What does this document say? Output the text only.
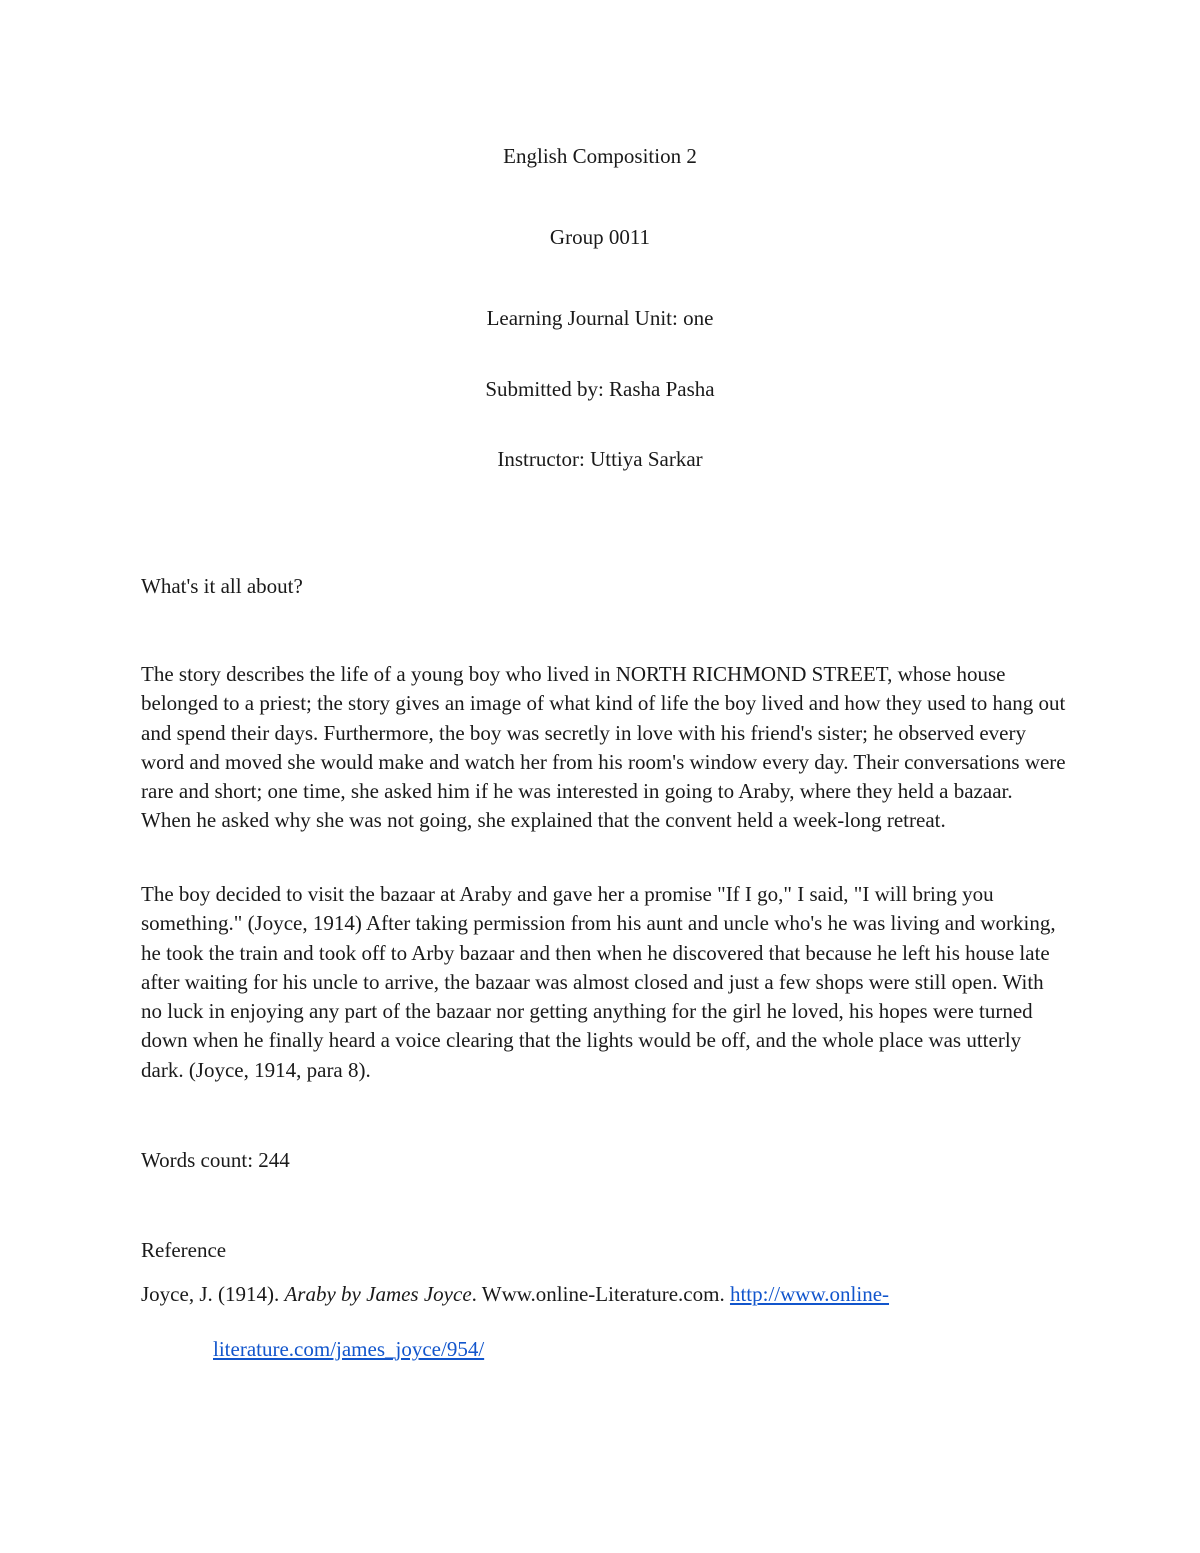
English Composition 2
Group 0011
Learning Journal Unit: one
Submitted by: Rasha Pasha
Instructor: Uttiya Sarkar
What's it all about?
The story describes the life of a young boy who lived in NORTH RICHMOND STREET, whose house belonged to a priest; the story gives an image of what kind of life the boy lived and how they used to hang out and spend their days. Furthermore, the boy was secretly in love with his friend's sister; he observed every word and moved she would make and watch her from his room's window every day. Their conversations were rare and short; one time, she asked him if he was interested in going to Araby, where they held a bazaar. When he asked why she was not going, she explained that the convent held a week-long retreat.
The boy decided to visit the bazaar at Araby and gave her a promise "If I go," I said, "I will bring you something." (Joyce, 1914) After taking permission from his aunt and uncle who's he was living and working, he took the train and took off to Arby bazaar and then when he discovered that because he left his house late after waiting for his uncle to arrive, the bazaar was almost closed and just a few shops were still open. With no luck in enjoying any part of the bazaar nor getting anything for the girl he loved, his hopes were turned down when he finally heard a voice clearing that the lights would be off, and the whole place was utterly dark. (Joyce, 1914, para 8).
Words count: 244
Reference
Joyce, J. (1914). Araby by James Joyce. Www.online-Literature.com. http://www.online-
literature.com/james_joyce/954/
